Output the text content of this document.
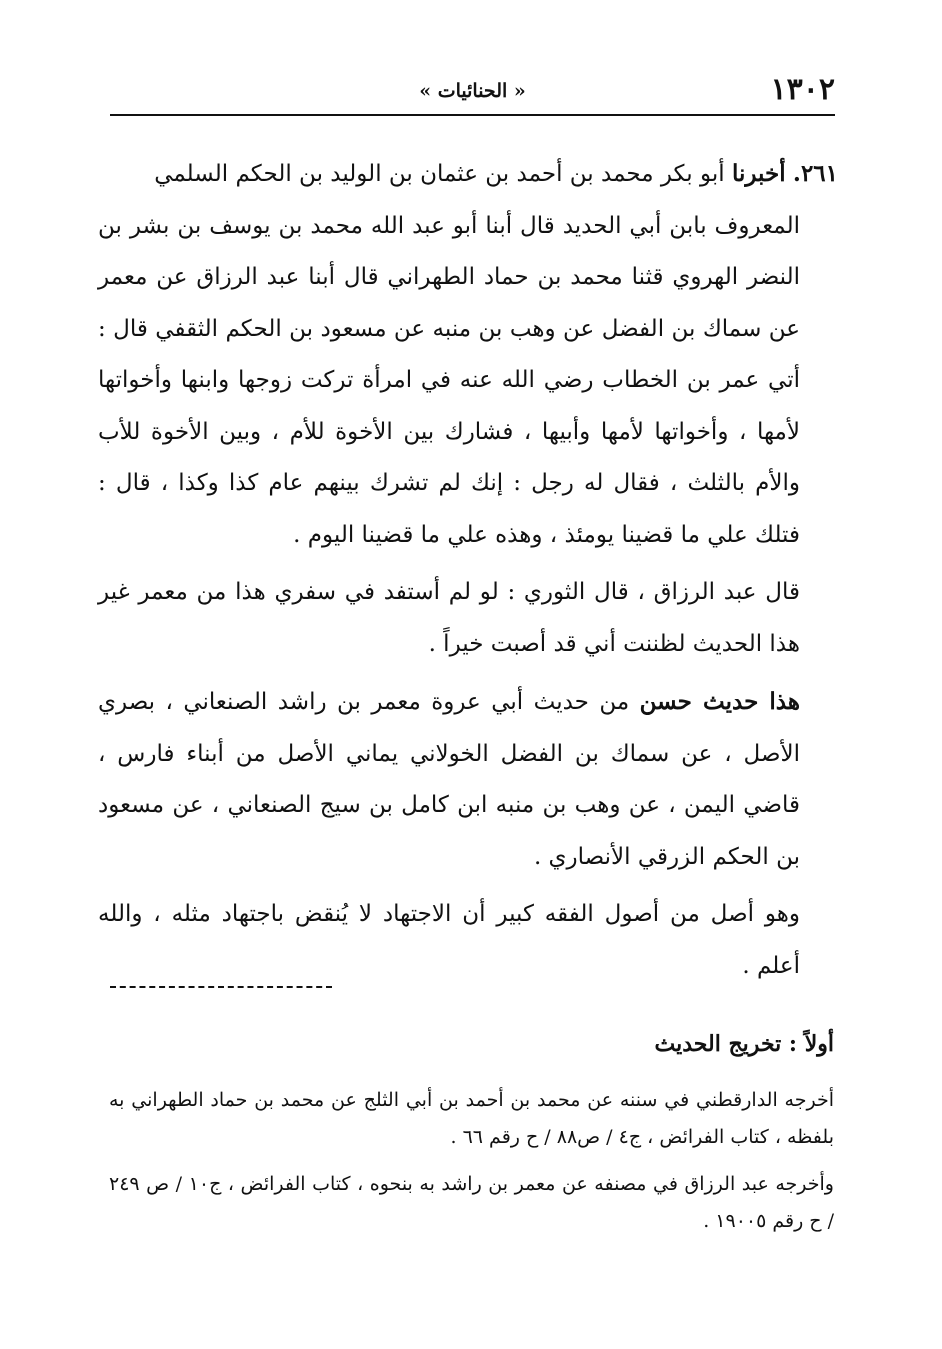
١٣٠٢
« الحنائيات »

٢٦١. أخبرنا أبو بكر محمد بن أحمد بن عثمان بن الوليد بن الحكم السلمي

المعروف بابن أبي الحديد قال أبنا أبو عبد الله محمد بن يوسف بن بشر بن النضر الهروي قثنا محمد بن حماد الطهراني قال أبنا عبد الرزاق عن معمر عن سماك بن الفضل عن وهب بن منبه عن مسعود بن الحكم الثقفي قال : أتي عمر بن الخطاب رضي الله عنه في امرأة تركت زوجها وابنها وأخواتها لأمها ، وأخواتها لأمها وأبيها ، فشارك بين الأخوة للأم ، وبين الأخوة للأب والأم بالثلث ، فقال له رجل : إنك لم تشرك بينهم عام كذا وكذا ، قال : فتلك علي ما قضينا يومئذ ، وهذه علي ما قضينا اليوم .

قال عبد الرزاق ، قال الثوري : لو لم أستفد في سفري هذا من معمر غير هذا الحديث لظننت أني قد أصبت خيراً .

هذا حديث حسن من حديث أبي عروة معمر بن راشد الصنعاني ، بصري الأصل ، عن سماك بن الفضل الخولاني يماني الأصل من أبناء فارس ، قاضي اليمن ، عن وهب بن منبه ابن كامل بن سيج الصنعاني ، عن مسعود بن الحكم الزرقي الأنصاري .

وهو أصل من أصول الفقه كبير أن الاجتهاد لا يُنقض باجتهاد مثله ، والله أعلم .

أولاً : تخريج الحديث

أخرجه الدارقطني في سننه عن محمد بن أحمد بن أبي الثلج عن محمد بن حماد الطهراني به بلفظه ، كتاب الفرائض ، ج٤ / ص٨٨ / ح رقم ٦٦ .

وأخرجه عبد الرزاق في مصنفه عن معمر بن راشد به بنحوه ، كتاب الفرائض ، ج١٠ / ص ٢٤٩ / ح رقم ١٩٠٠٥ .
